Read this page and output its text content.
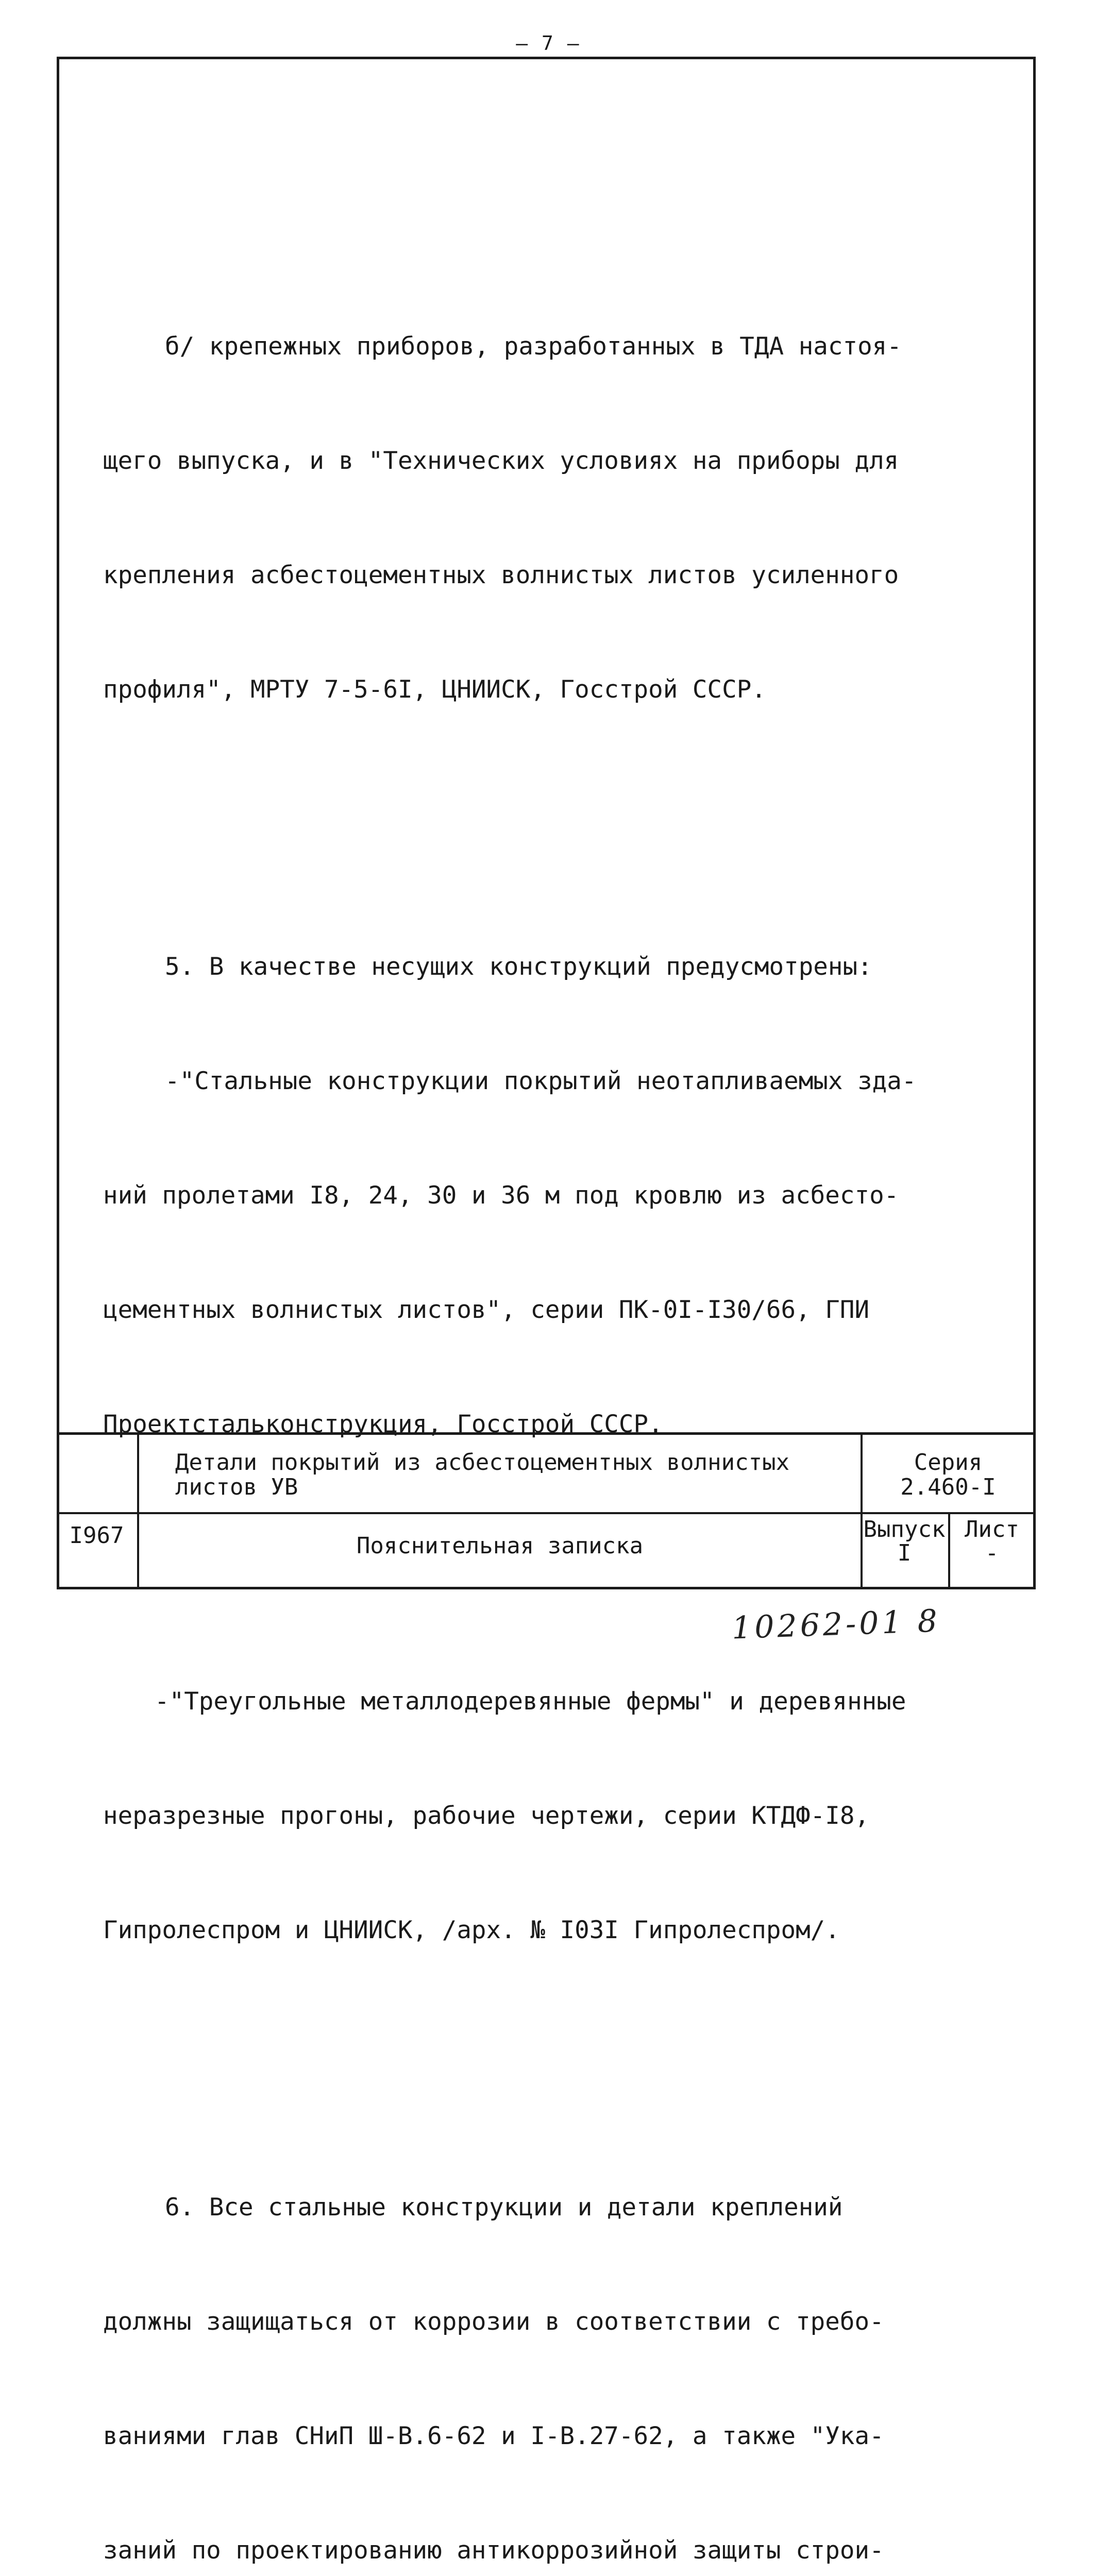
— 7 —

б/ крепежных приборов, разработанных в ТДА настоя-

щего выпуска, и в "Технических условиях на приборы для

крепления асбестоцементных волнистых листов усиленного

профиля", МРТУ 7-5-6I, ЦНИИСК, Госстрой СССР.

5. В качестве несущих конструкций предусмотрены:

-"Стальные конструкции покрытий неотапливаемых зда-

ний пролетами I8, 24, 30 и 36 м под кровлю из асбесто-

цементных волнистых листов", серии ПК-0I-I30/66, ГПИ

Проектстальконструкция, Госстрой СССР.

-"Треугольные металлодеревянные фермы" и деревянные

неразрезные прогоны, рабочие чертежи, серии КТДФ-I8,

Гипролеспром и ЦНИИСК, /арх. № I03I Гипролеспром/.

6. Все стальные конструкции и детали креплений

должны защищаться от коррозии в соответствии с требо-

ваниями глав СНиП Ш-В.6-62 и I-В.27-62, а также "Ука-

заний по проектированию антикоррозийной защиты строи-

Детали покрытий из асбестоцементных волнистых
листов УВ
Серия
2.460-I
I967	Пояснительная записка
Выпуск
I
Лист
-
10262-01 8
